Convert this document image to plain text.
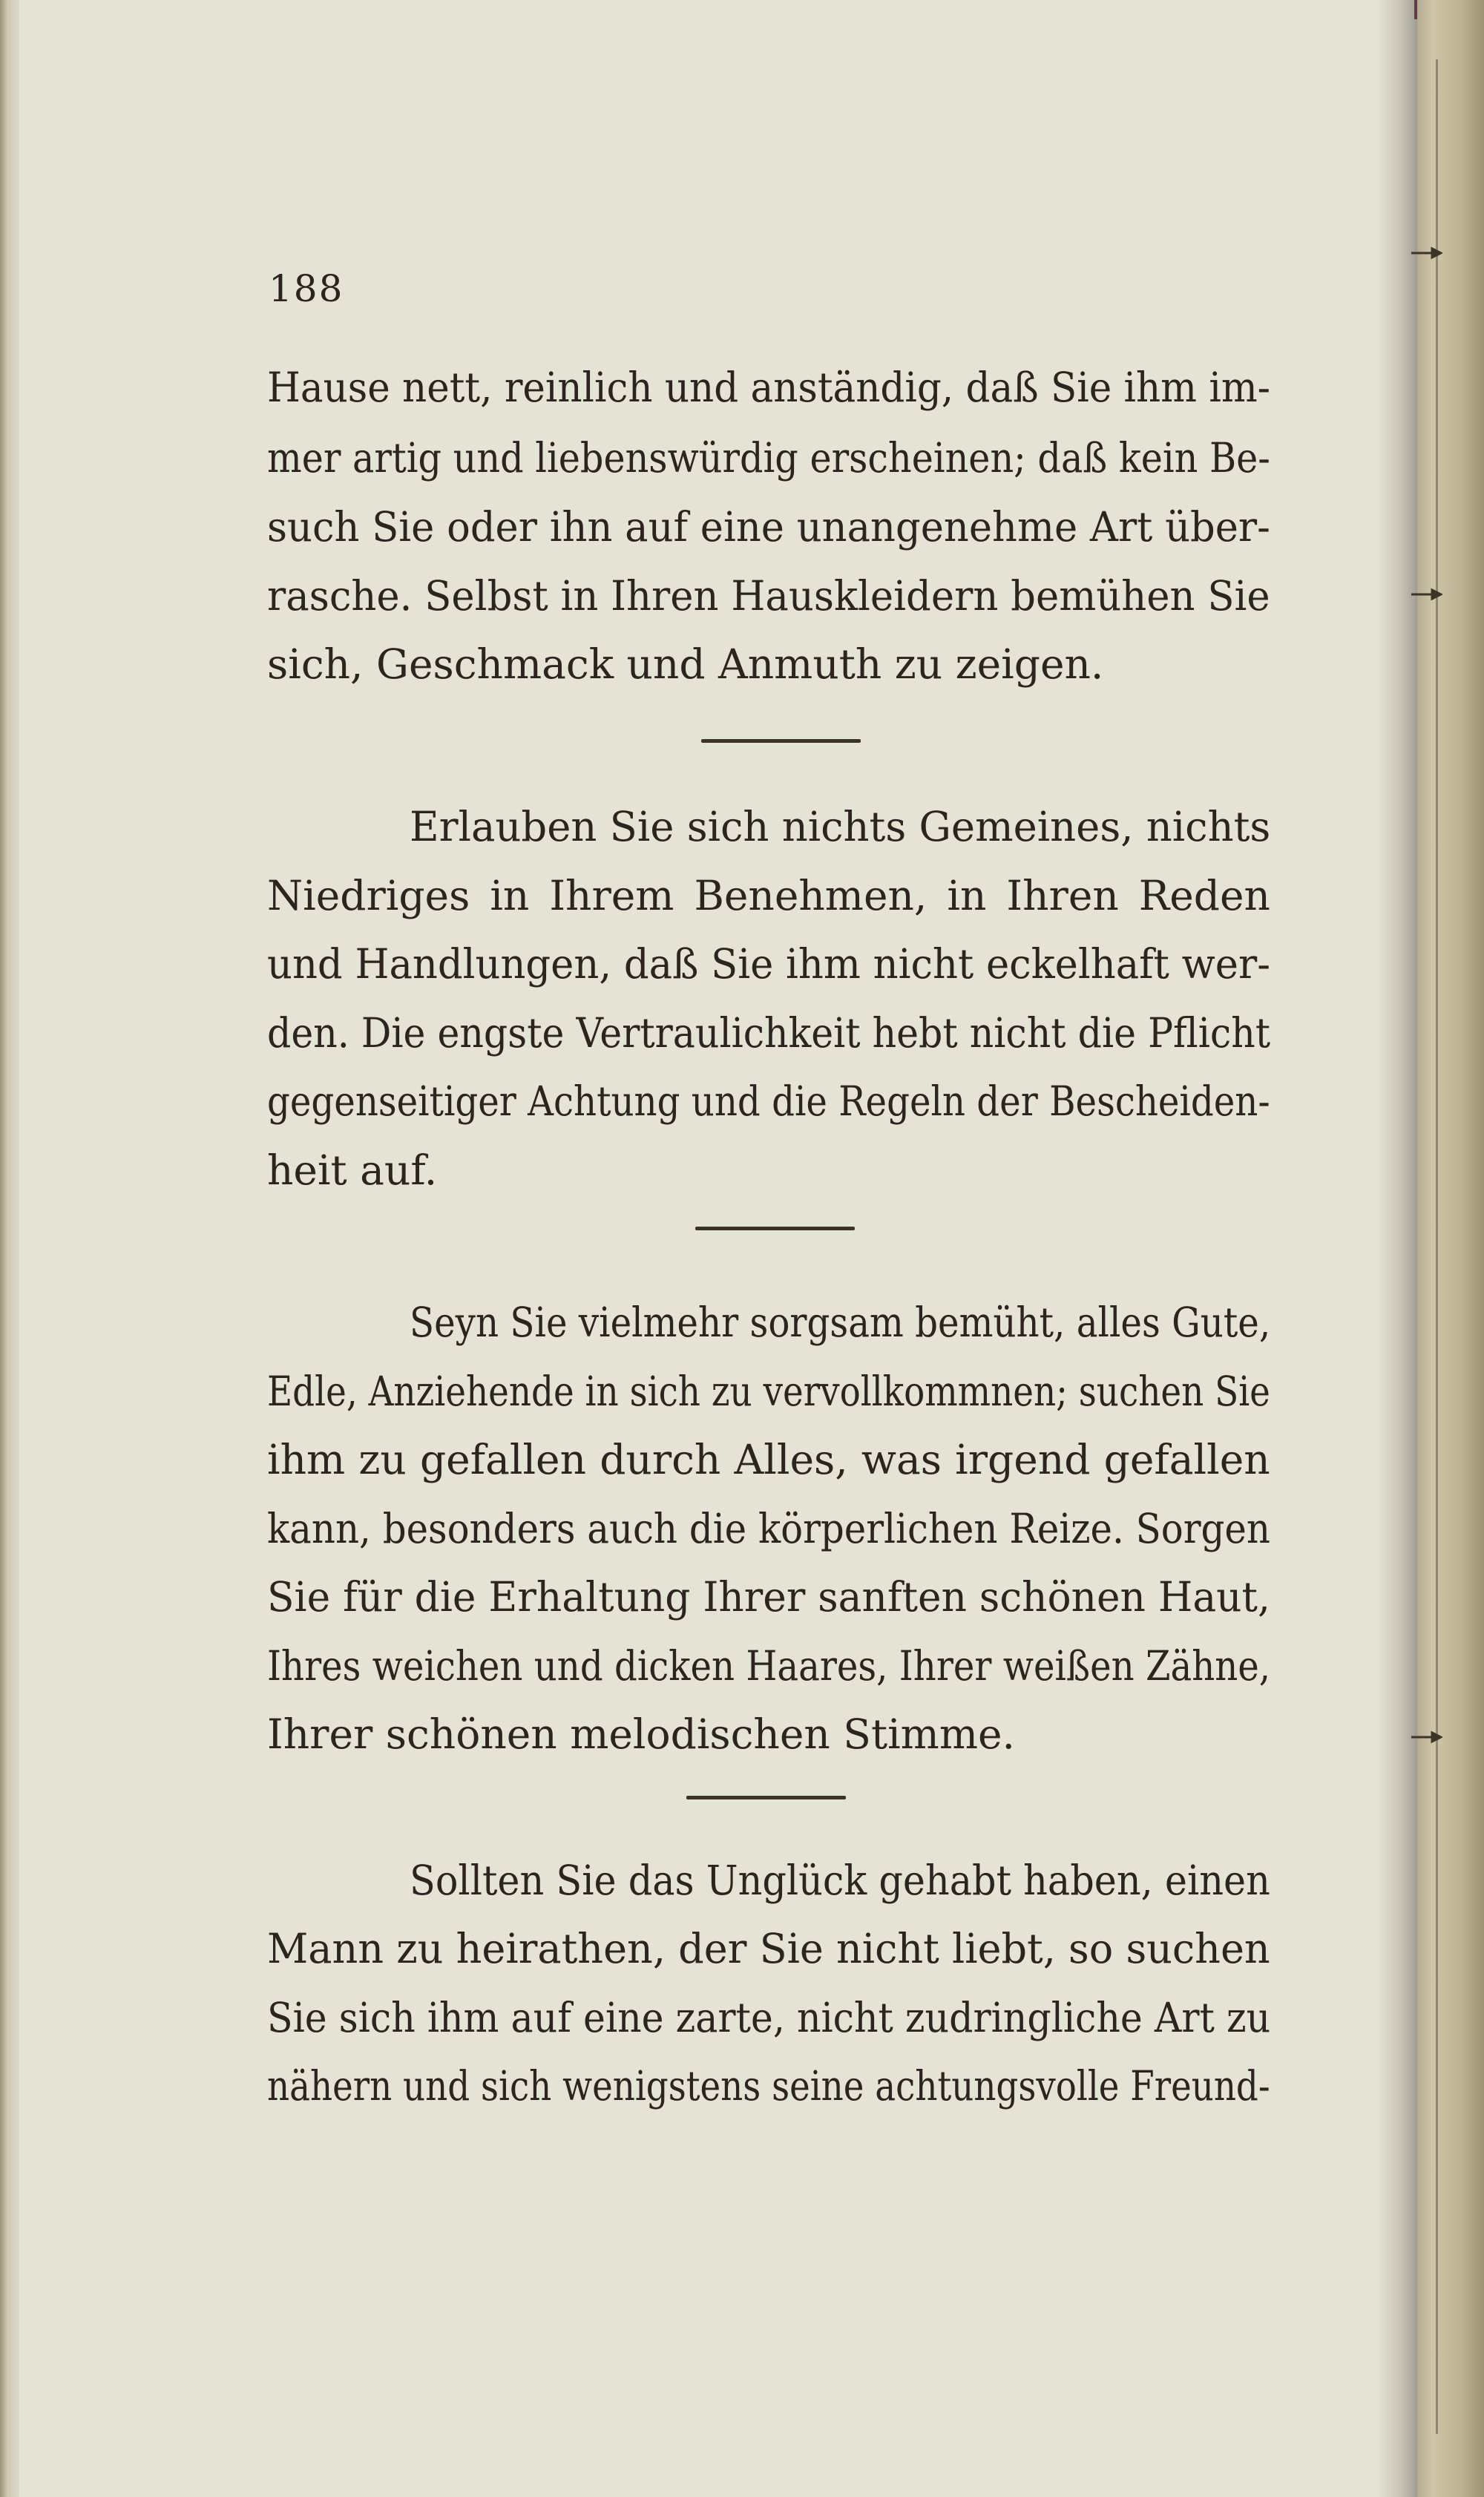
188
Hause nett, reinlich und anständig, daß Sie ihm im-
mer artig und liebenswürdig erscheinen; daß kein Be-
such Sie oder ihn auf eine unangenehme Art über-
rasche. Selbst in Ihren Hauskleidern bemühen Sie
sich, Geschmack und Anmuth zu zeigen.
Erlauben Sie sich nichts Gemeines, nichts
Niedriges in Ihrem Benehmen, in Ihren Reden
und Handlungen, daß Sie ihm nicht eckelhaft wer-
den. Die engste Vertraulichkeit hebt nicht die Pflicht
gegenseitiger Achtung und die Regeln der Bescheiden-
heit auf.
Seyn Sie vielmehr sorgsam bemüht, alles Gute,
Edle, Anziehende in sich zu vervollkommnen; suchen Sie
ihm zu gefallen durch Alles, was irgend gefallen
kann, besonders auch die körperlichen Reize. Sorgen
Sie für die Erhaltung Ihrer sanften schönen Haut,
Ihres weichen und dicken Haares, Ihrer weißen Zähne,
Ihrer schönen melodischen Stimme.
Sollten Sie das Unglück gehabt haben, einen
Mann zu heirathen, der Sie nicht liebt, so suchen
Sie sich ihm auf eine zarte, nicht zudringliche Art zu
nähern und sich wenigstens seine achtungsvolle Freund-
